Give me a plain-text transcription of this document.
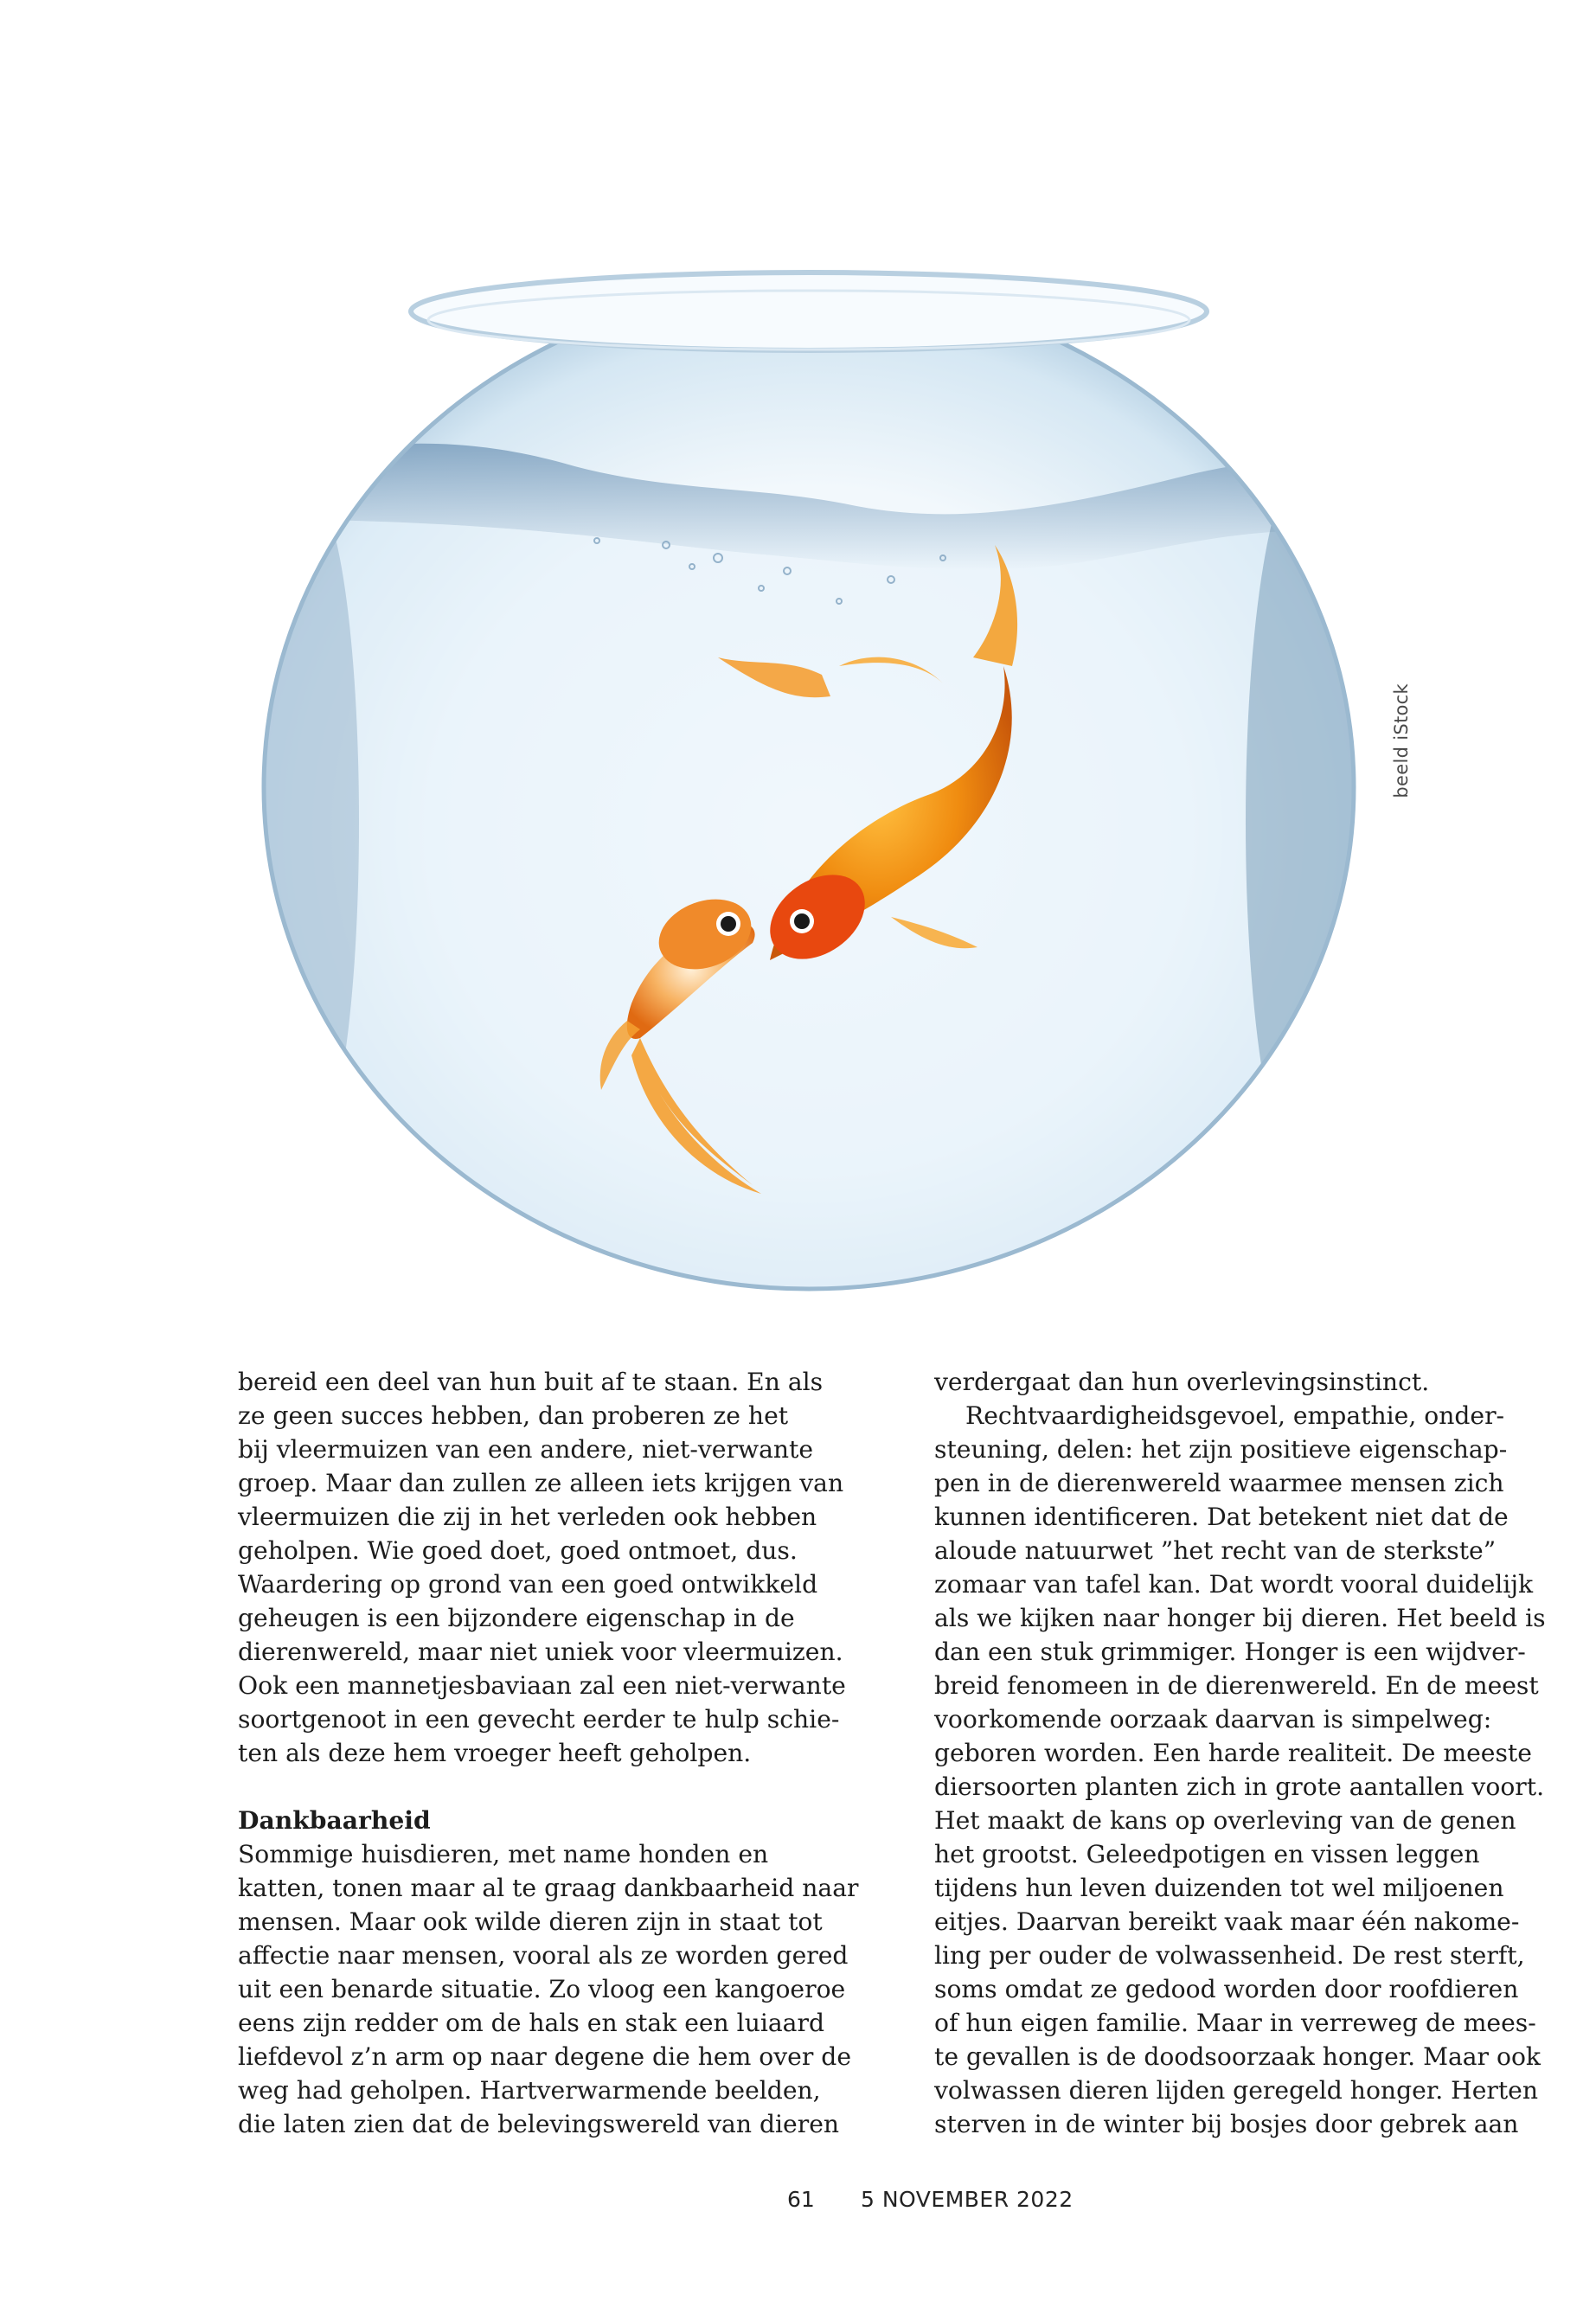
beeld iStock
bereid een deel van hun buit af te staan. En als
ze geen succes hebben, dan proberen ze het
bij vleermuizen van een andere, niet-verwante
groep. Maar dan zullen ze alleen iets krijgen van
vleermuizen die zij in het verleden ook hebben
geholpen. Wie goed doet, goed ontmoet, dus.
Waardering op grond van een goed ontwikkeld
geheugen is een bijzondere eigenschap in de
dierenwereld, maar niet uniek voor vleermuizen.
Ook een mannetjesbaviaan zal een niet-verwante
soortgenoot in een gevecht eerder te hulp schie-
ten als deze hem vroeger heeft geholpen.
Dankbaarheid
Sommige huisdieren, met name honden en
katten, tonen maar al te graag dankbaarheid naar
mensen. Maar ook wilde dieren zijn in staat tot
affectie naar mensen, vooral als ze worden gered
uit een benarde situatie. Zo vloog een kangoeroe
eens zijn redder om de hals en stak een luiaard
liefdevol z’n arm op naar degene die hem over de
weg had geholpen. Hartverwarmende beelden,
die laten zien dat de belevingswereld van dieren
verdergaat dan hun overlevingsinstinct.
Rechtvaardigheidsgevoel, empathie, onder-
steuning, delen: het zijn positieve eigenschap-
pen in de dierenwereld waarmee mensen zich
kunnen identificeren. Dat betekent niet dat de
aloude natuurwet ”het recht van de sterkste”
zomaar van tafel kan. Dat wordt vooral duidelijk
als we kijken naar honger bij dieren. Het beeld is
dan een stuk grimmiger. Honger is een wijdver-
breid fenomeen in de dierenwereld. En de meest
voorkomende oorzaak daarvan is simpelweg:
geboren worden. Een harde realiteit. De meeste
diersoorten planten zich in grote aantallen voort.
Het maakt de kans op overleving van de genen
het grootst. Geleedpotigen en vissen leggen
tijdens hun leven duizenden tot wel miljoenen
eitjes. Daarvan bereikt vaak maar één nakome-
ling per ouder de volwassenheid. De rest sterft,
soms omdat ze gedood worden door roofdieren
of hun eigen familie. Maar in verreweg de mees-
te gevallen is de doodsoorzaak honger. Maar ook
volwassen dieren lijden geregeld honger. Herten
sterven in de winter bij bosjes door gebrek aan
61 5 NOVEMBER 2022
